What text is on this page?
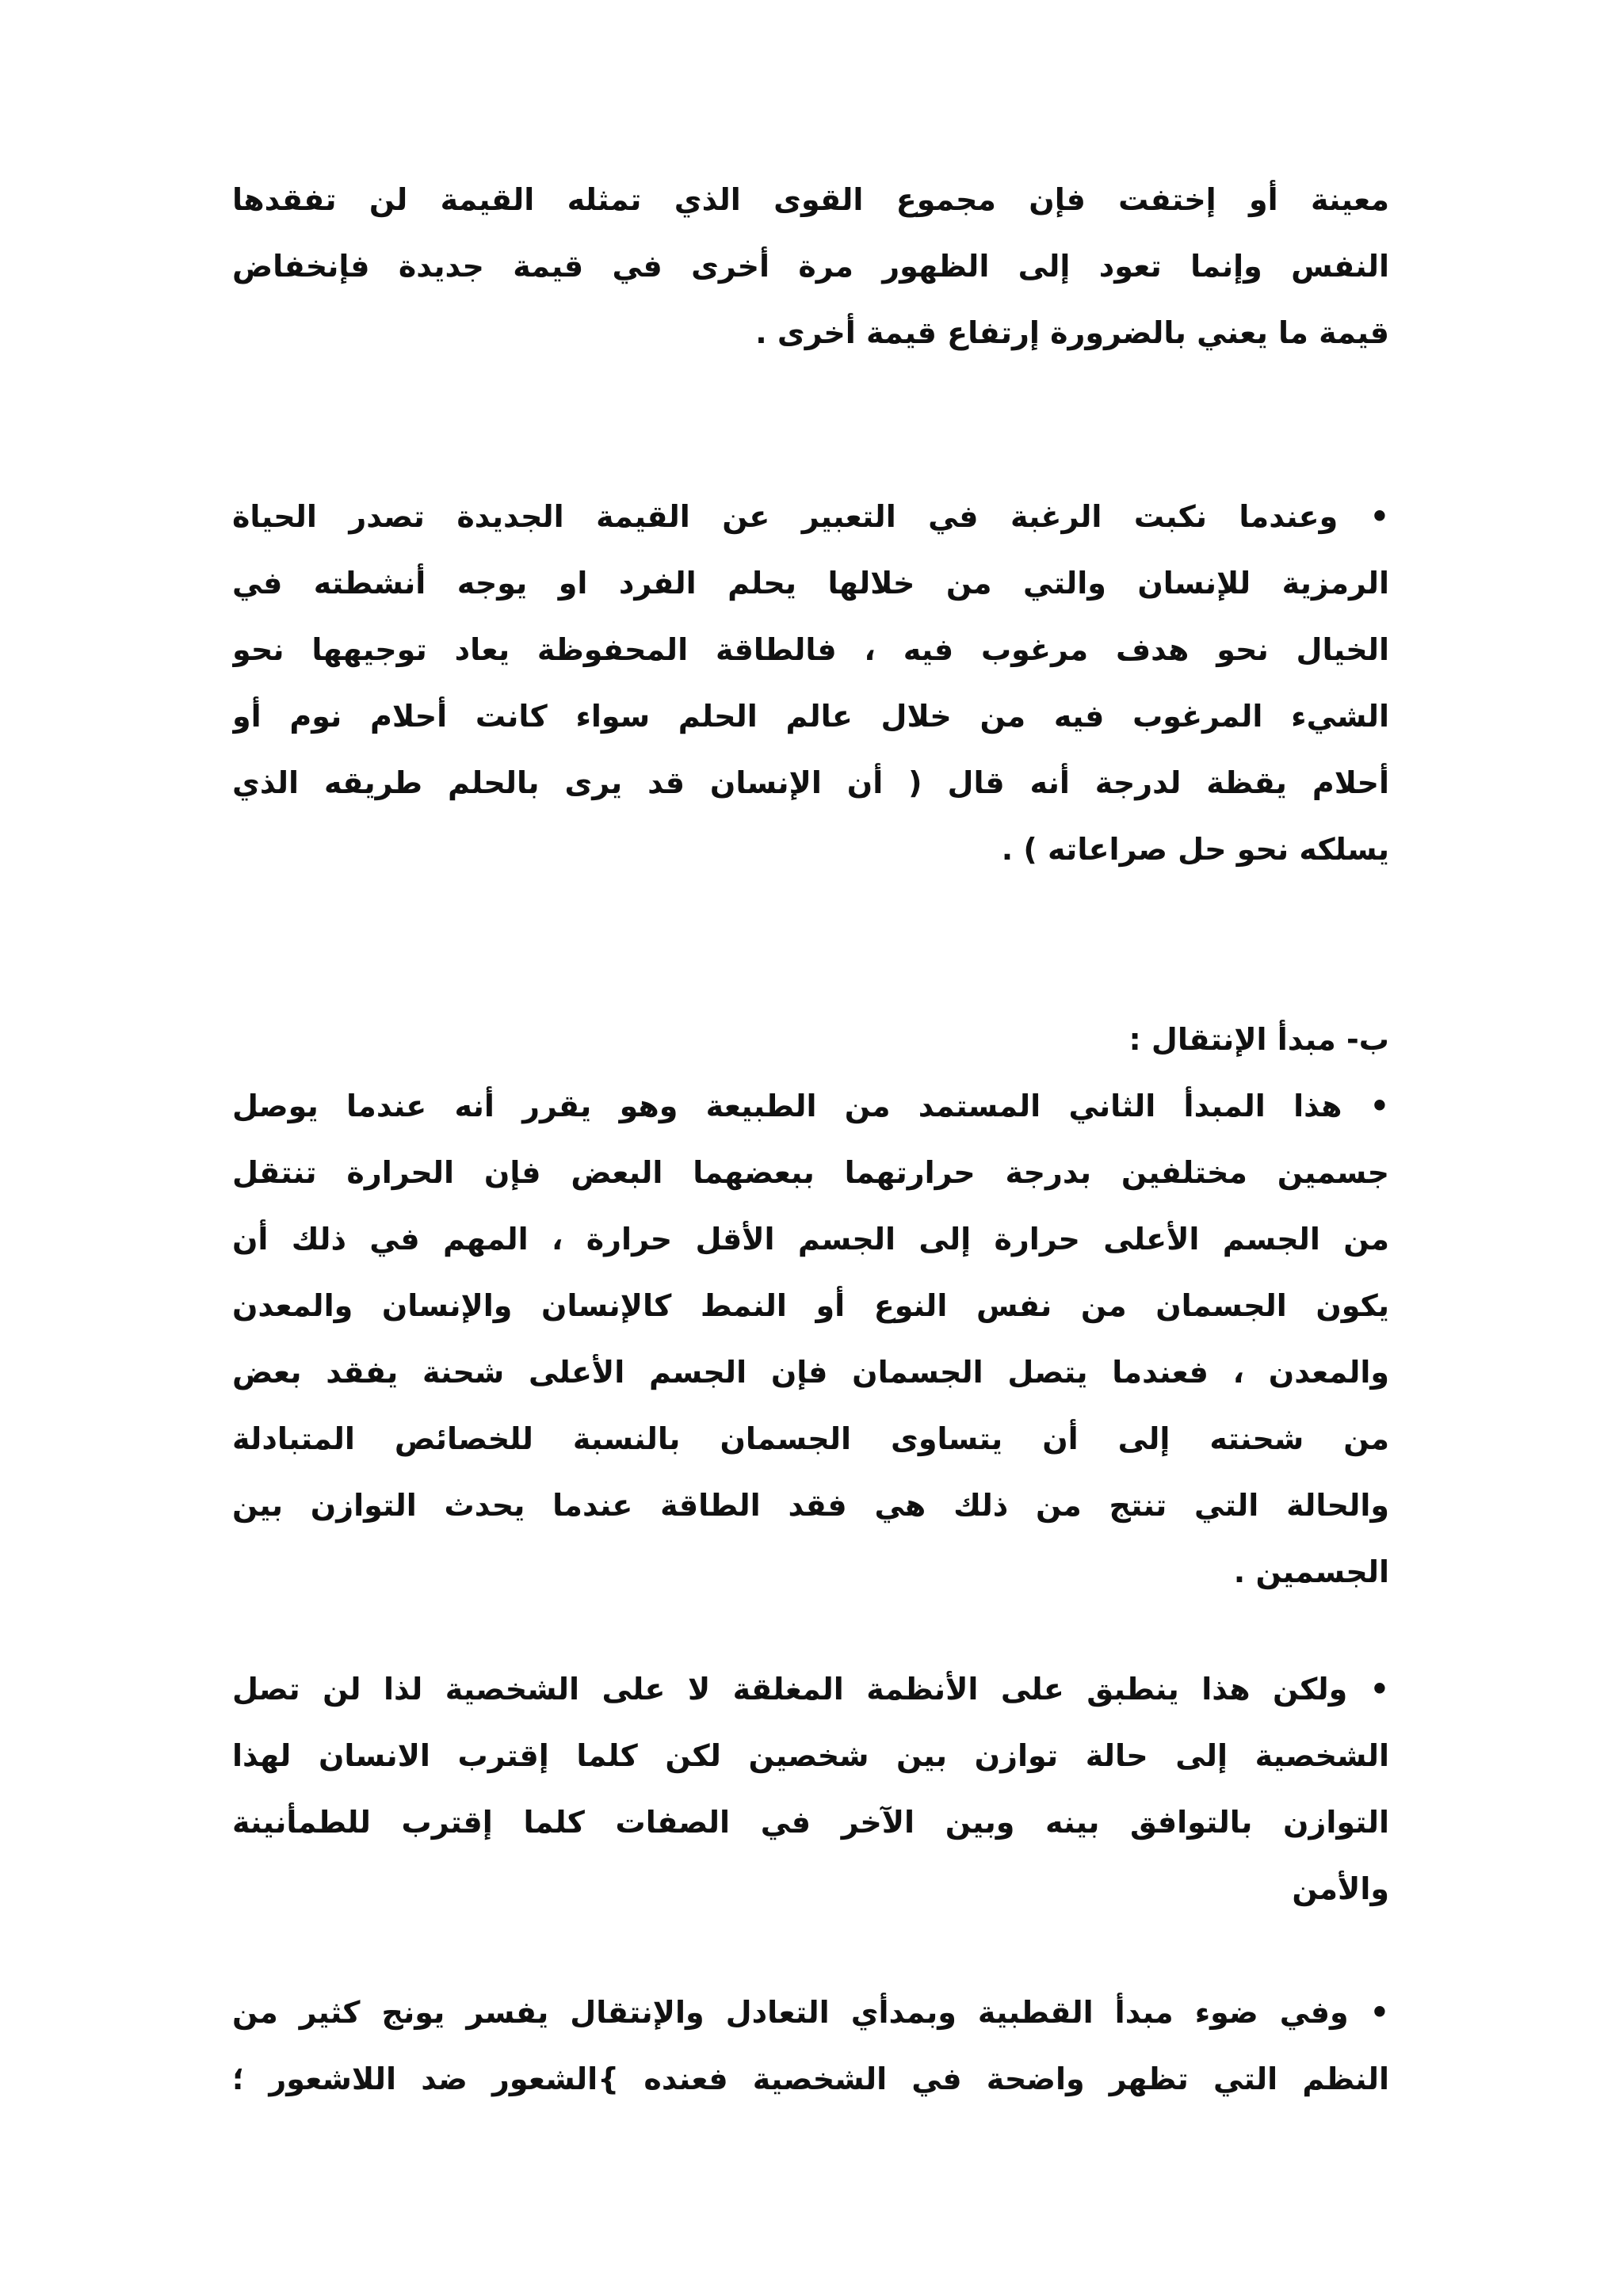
معينة أو إختفت فإن مجموع القوى الذي تمثله القيمة لن تفقدها
النفس وإنما تعود إلى الظهور مرة أخرى في قيمة جديدة فإنخفاض
قيمة ما يعني بالضرورة إرتفاع قيمة أخرى .
• وعندما نكبت الرغبة في التعبير عن القيمة الجديدة تصدر الحياة
الرمزية للإنسان والتي من خلالها يحلم الفرد او يوجه أنشطته في
الخيال نحو هدف مرغوب فيه ، فالطاقة المحفوظة يعاد توجيهها نحو
الشيء المرغوب فيه من خلال عالم الحلم سواء كانت أحلام نوم أو
أحلام يقظة لدرجة أنه قال ( أن الإنسان قد يرى بالحلم طريقه الذي
يسلكه نحو حل صراعاته ) .
ب- مبدأ الإنتقال :
• هذا المبدأ الثاني المستمد من الطبيعة وهو يقرر أنه عندما يوصل
جسمين مختلفين بدرجة حرارتهما ببعضهما البعض فإن الحرارة تنتقل
من الجسم الأعلى حرارة إلى الجسم الأقل حرارة ، المهم في ذلك أن
يكون الجسمان من نفس النوع أو النمط كالإنسان والإنسان والمعدن
والمعدن ، فعندما يتصل الجسمان فإن الجسم الأعلى شحنة يفقد بعض
من شحنته إلى أن يتساوى الجسمان بالنسبة للخصائص المتبادلة
والحالة التي تنتج من ذلك هي فقد الطاقة عندما يحدث التوازن بين
الجسمين .
• ولكن هذا ينطبق على الأنظمة المغلقة لا على الشخصية لذا لن تصل
الشخصية إلى حالة توازن بين شخصين لكن كلما إقترب الانسان لهذا
التوازن بالتوافق بينه وبين الآخر في الصفات كلما إقترب للطمأنينة
والأمن
• وفي ضوء مبدأ القطبية وبمدأي التعادل والإنتقال يفسر يونج كثير من
النظم التي تظهر واضحة في الشخصية فعنده }الشعور ضد اللاشعور ؛
